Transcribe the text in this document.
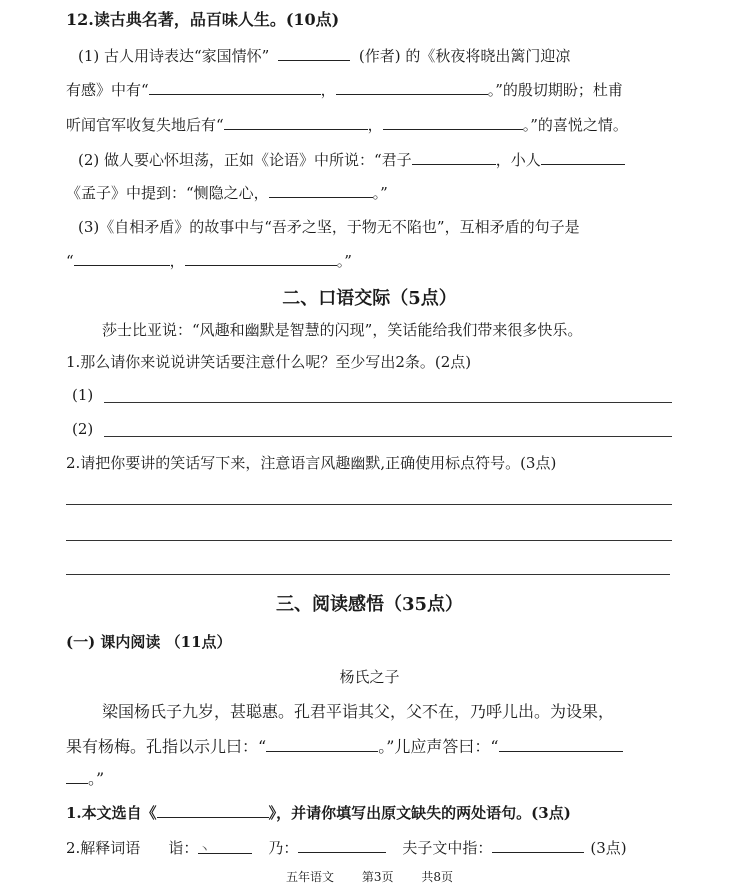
12.读古典名著，品百味人生。(10点)
(1) 古人用诗表达“家国情怀”	(作者) 的《秋夜将晓出篱门迎凉
有感》中有“	，	。”的殷切期盼；杜甫
听闻官军收复失地后有“	，	。”的喜悦之情。
(2) 做人要心怀坦荡，正如《论语》中所说：“君子	，小人
《孟子》中提到：“恻隐之心，	。”
(3)《自相矛盾》的故事中与“吾矛之坚，于物无不陷也”，互相矛盾的句子是
“	，	。”
二、口语交际（5点）
莎士比亚说：“风趣和幽默是智慧的闪现”，笑话能给我们带来很多快乐。
1.那么请你来说说讲笑话要注意什么呢？至少写出2条。(2点)
(1)
(2)
2.请把你要讲的笑话写下来，注意语言风趣幽默,正确使用标点符号。(3点)
三、阅读感悟（35点）
(一) 课内阅读 （11点）
杨氏之子
梁国杨氏子九岁，甚聪惠。孔君平诣其父，父不在，乃呼儿出。为设果，
果有杨梅。孔指以示儿曰：“	。”儿应声答曰：“
。”
1.本文选自《	》，并请你填写出原文缺失的两处语句。(3点)
2.解释词语 诣：丶	乃：	夫子文中指：	(3点)
五年语文 第3页 共8页
